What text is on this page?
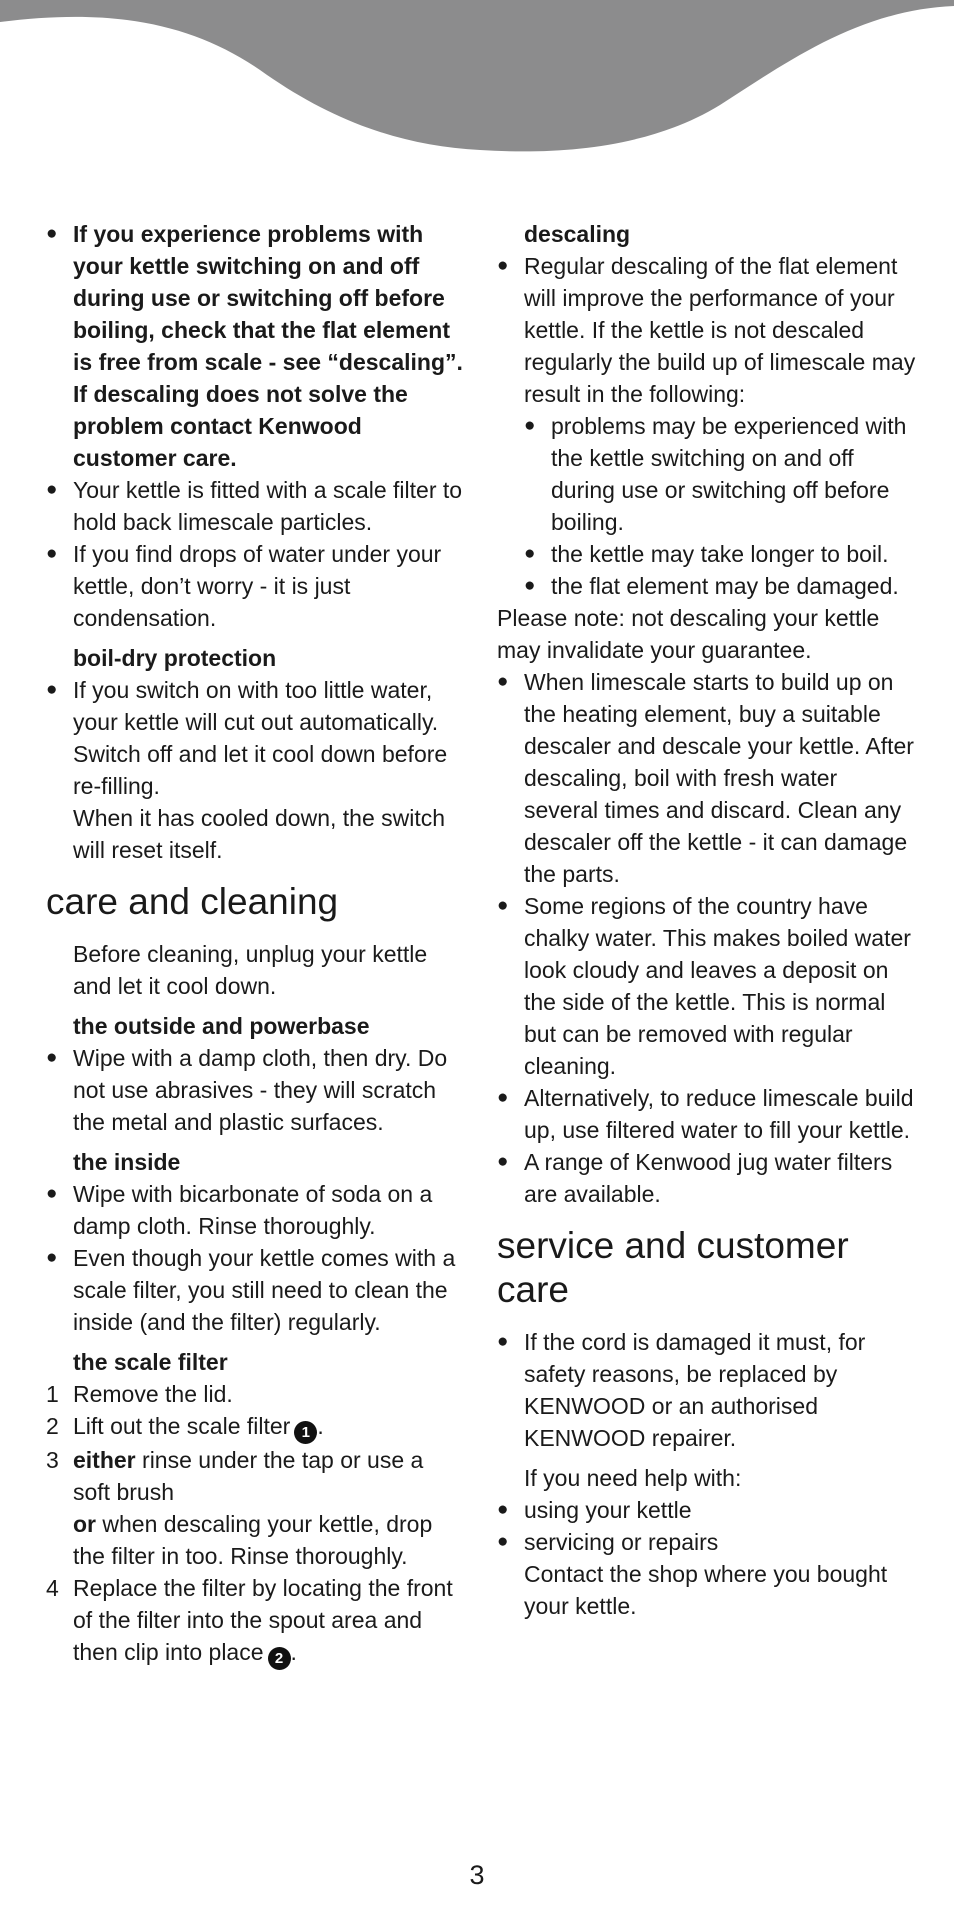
● If you experience problems with your kettle switching on and off during use or switching off before boiling, check that the flat element is free from scale - see “descaling”. If descaling does not solve the problem contact Kenwood customer care.
● Your kettle is fitted with a scale filter to hold back limescale particles.
● If you find drops of water under your kettle, don’t worry - it is just condensation.
boil-dry protection
● If you switch on with too little water, your kettle will cut out automatically. Switch off and let it cool down before re-filling.
When it has cooled down, the switch will reset itself.
care and cleaning
Before cleaning, unplug your kettle and let it cool down.
the outside and powerbase
● Wipe with a damp cloth, then dry. Do not use abrasives - they will scratch the metal and plastic surfaces.
the inside
● Wipe with bicarbonate of soda on a damp cloth. Rinse thoroughly.
● Even though your kettle comes with a scale filter, you still need to clean the inside (and the filter) regularly.
the scale filter
1 Remove the lid.
2 Lift out the scale filter 1 .
3 either rinse under the tap or use a soft brush
or when descaling your kettle, drop the filter in too. Rinse thoroughly.
4 Replace the filter by locating the front of the filter into the spout area and then clip into place 2 .
descaling
● Regular descaling of the flat element will improve the performance of your kettle. If the kettle is not descaled regularly the build up of limescale may result in the following:
● problems may be experienced with the kettle switching on and off during use or switching off before boiling.
● the kettle may take longer to boil.
● the flat element may be damaged.
Please note: not descaling your kettle may invalidate your guarantee.
● When limescale starts to build up on the heating element, buy a suitable descaler and descale your kettle. After descaling, boil with fresh water several times and discard. Clean any descaler off the kettle - it can damage the parts.
● Some regions of the country have chalky water. This makes boiled water look cloudy and leaves a deposit on the side of the kettle. This is normal but can be removed with regular cleaning.
● Alternatively, to reduce limescale build up, use filtered water to fill your kettle.
● A range of Kenwood jug water filters are available.
service and customer care
● If the cord is damaged it must, for safety reasons, be replaced by KENWOOD or an authorised KENWOOD repairer.
If you need help with:
● using your kettle
● servicing or repairs
Contact the shop where you bought your kettle.
3
